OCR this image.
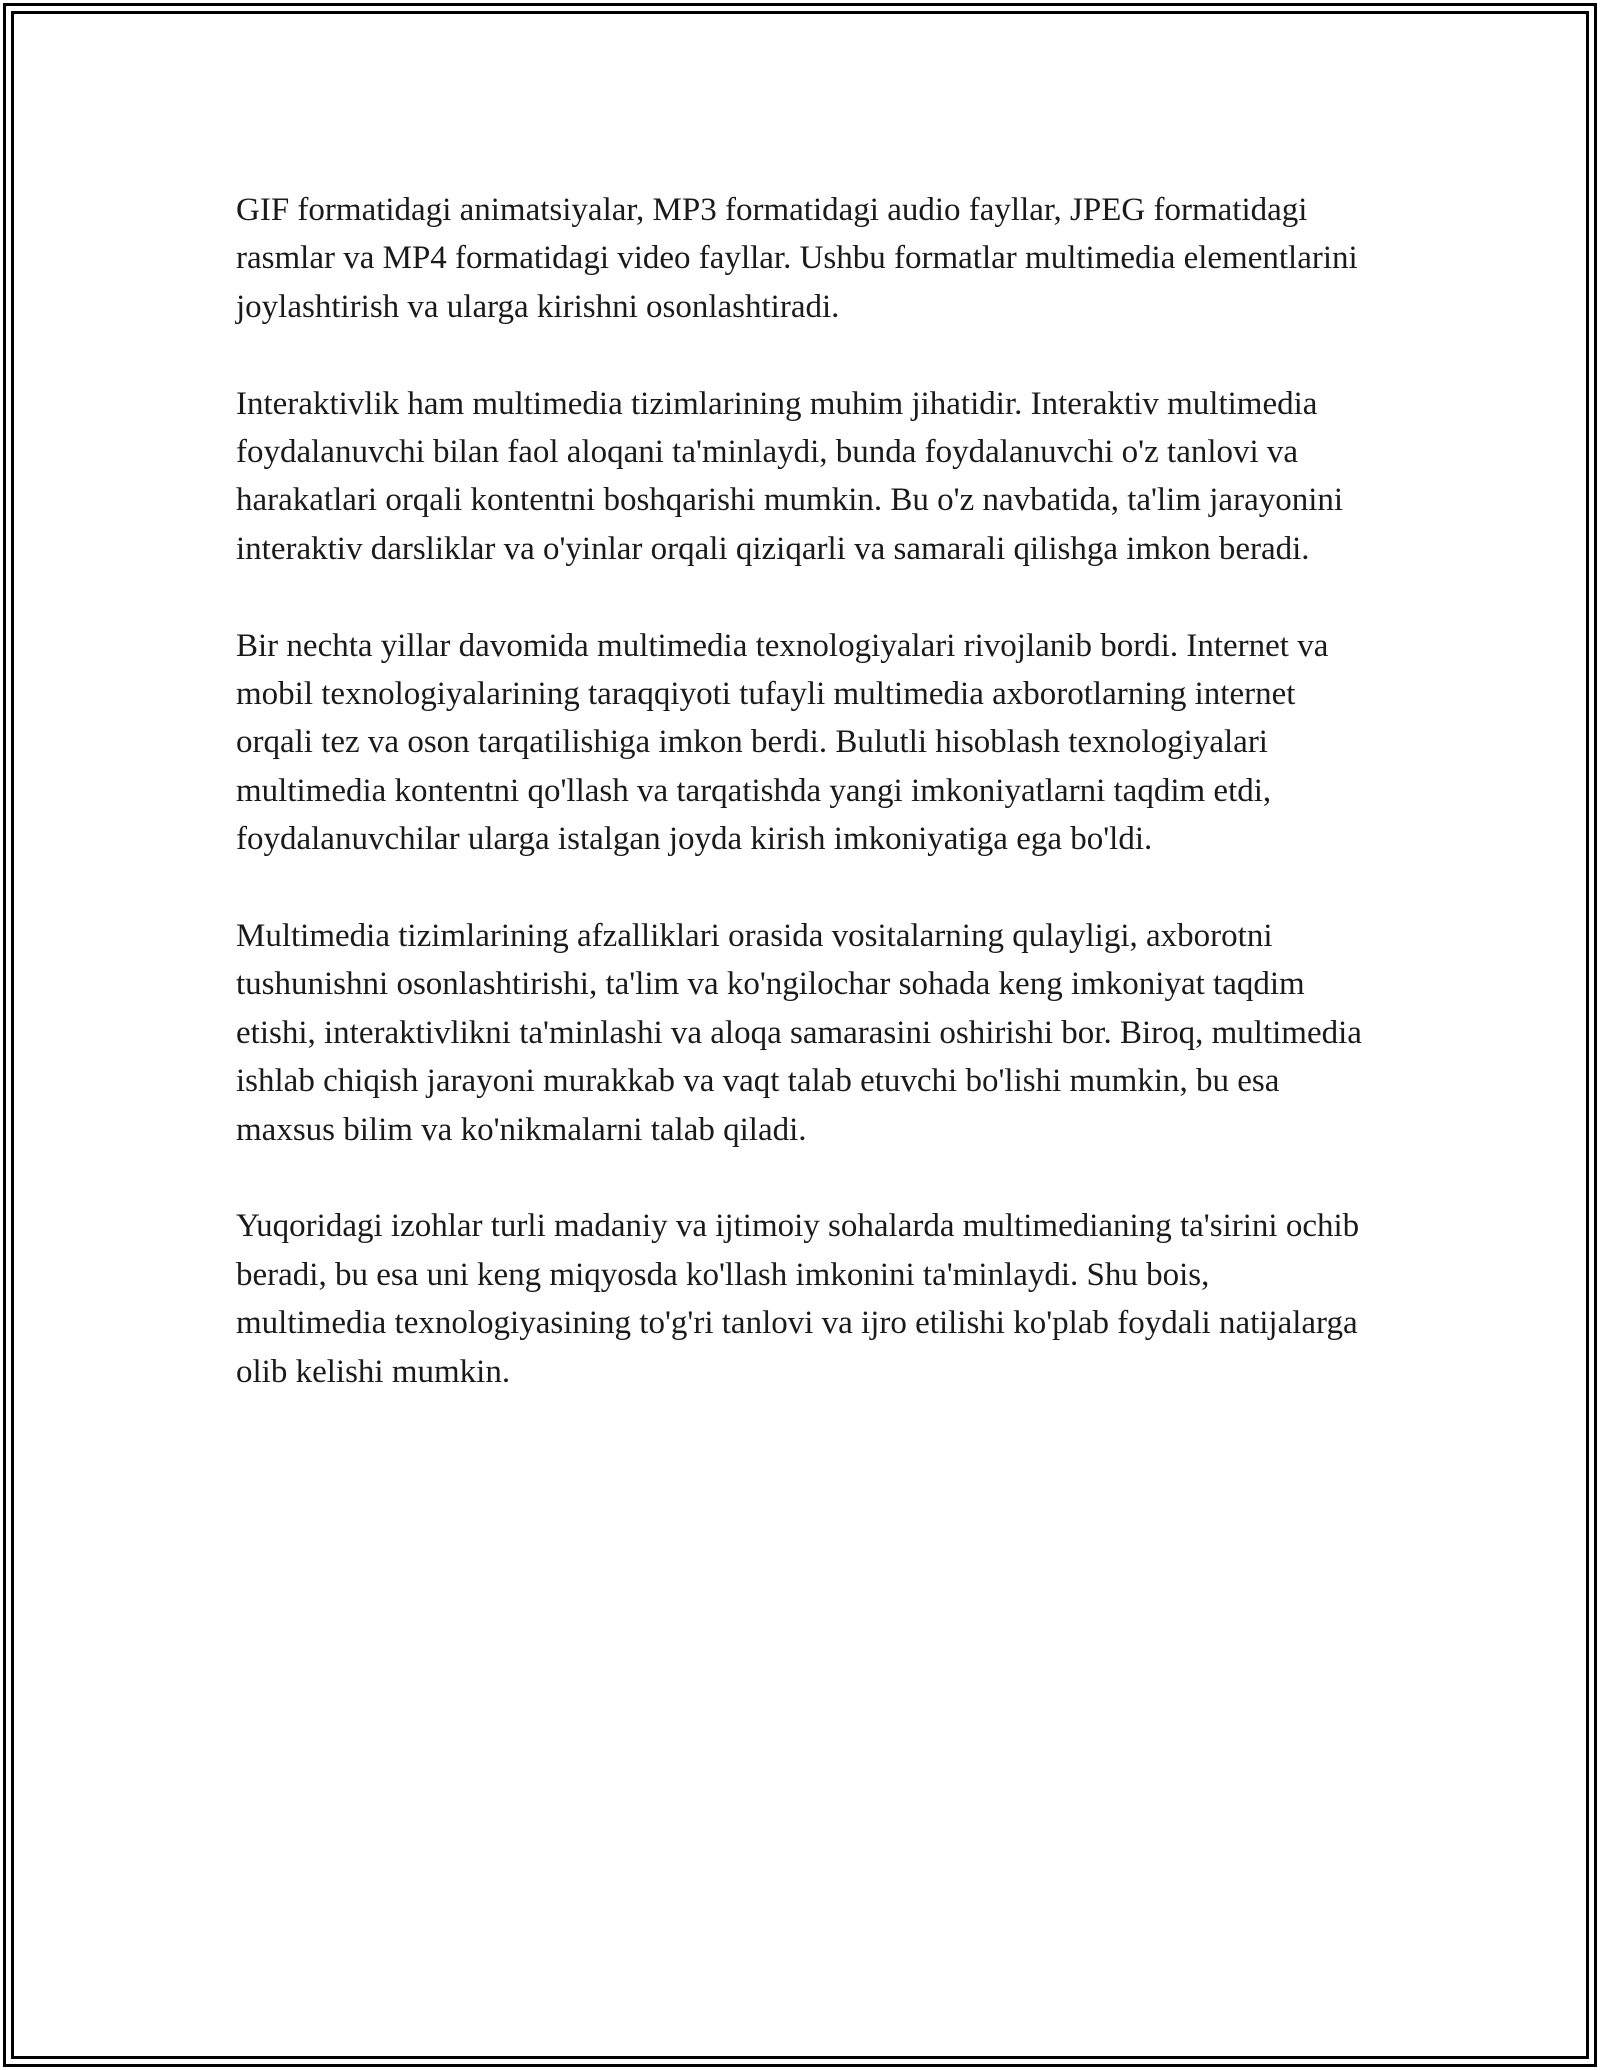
GIF formatidagi animatsiyalar, MP3 formatidagi audio fayllar, JPEG formatidagi rasmlar va MP4 formatidagi video fayllar. Ushbu formatlar multimedia elementlarini joylashtirish va ularga kirishni osonlashtiradi.

Interaktivlik ham multimedia tizimlarining muhim jihatidir. Interaktiv multimedia foydalanuvchi bilan faol aloqani ta'minlaydi, bunda foydalanuvchi o'z tanlovi va harakatlari orqali kontentni boshqarishi mumkin. Bu o'z navbatida, ta'lim jarayonini interaktiv darsliklar va o'yinlar orqali qiziqarli va samarali qilishga imkon beradi.

Bir nechta yillar davomida multimedia texnologiyalari rivojlanib bordi. Internet va mobil texnologiyalarining taraqqiyoti tufayli multimedia axborotlarning internet orqali tez va oson tarqatilishiga imkon berdi. Bulutli hisoblash texnologiyalari multimedia kontentni qo'llash va tarqatishda yangi imkoniyatlarni taqdim etdi, foydalanuvchilar ularga istalgan joyda kirish imkoniyatiga ega bo'ldi.

Multimedia tizimlarining afzalliklari orasida vositalarning qulayligi, axborotni tushunishni osonlashtirishi, ta'lim va ko'ngilochar sohada keng imkoniyat taqdim etishi, interaktivlikni ta'minlashi va aloqa samarasini oshirishi bor. Biroq, multimedia ishlab chiqish jarayoni murakkab va vaqt talab etuvchi bo'lishi mumkin, bu esa maxsus bilim va ko'nikmalarni talab qiladi.

Yuqoridagi izohlar turli madaniy va ijtimoiy sohalarda multimedianing ta'sirini ochib beradi, bu esa uni keng miqyosda ko'llash imkonini ta'minlaydi. Shu bois, multimedia texnologiyasining to'g'ri tanlovi va ijro etilishi ko'plab foydali natijalarga olib kelishi mumkin.
